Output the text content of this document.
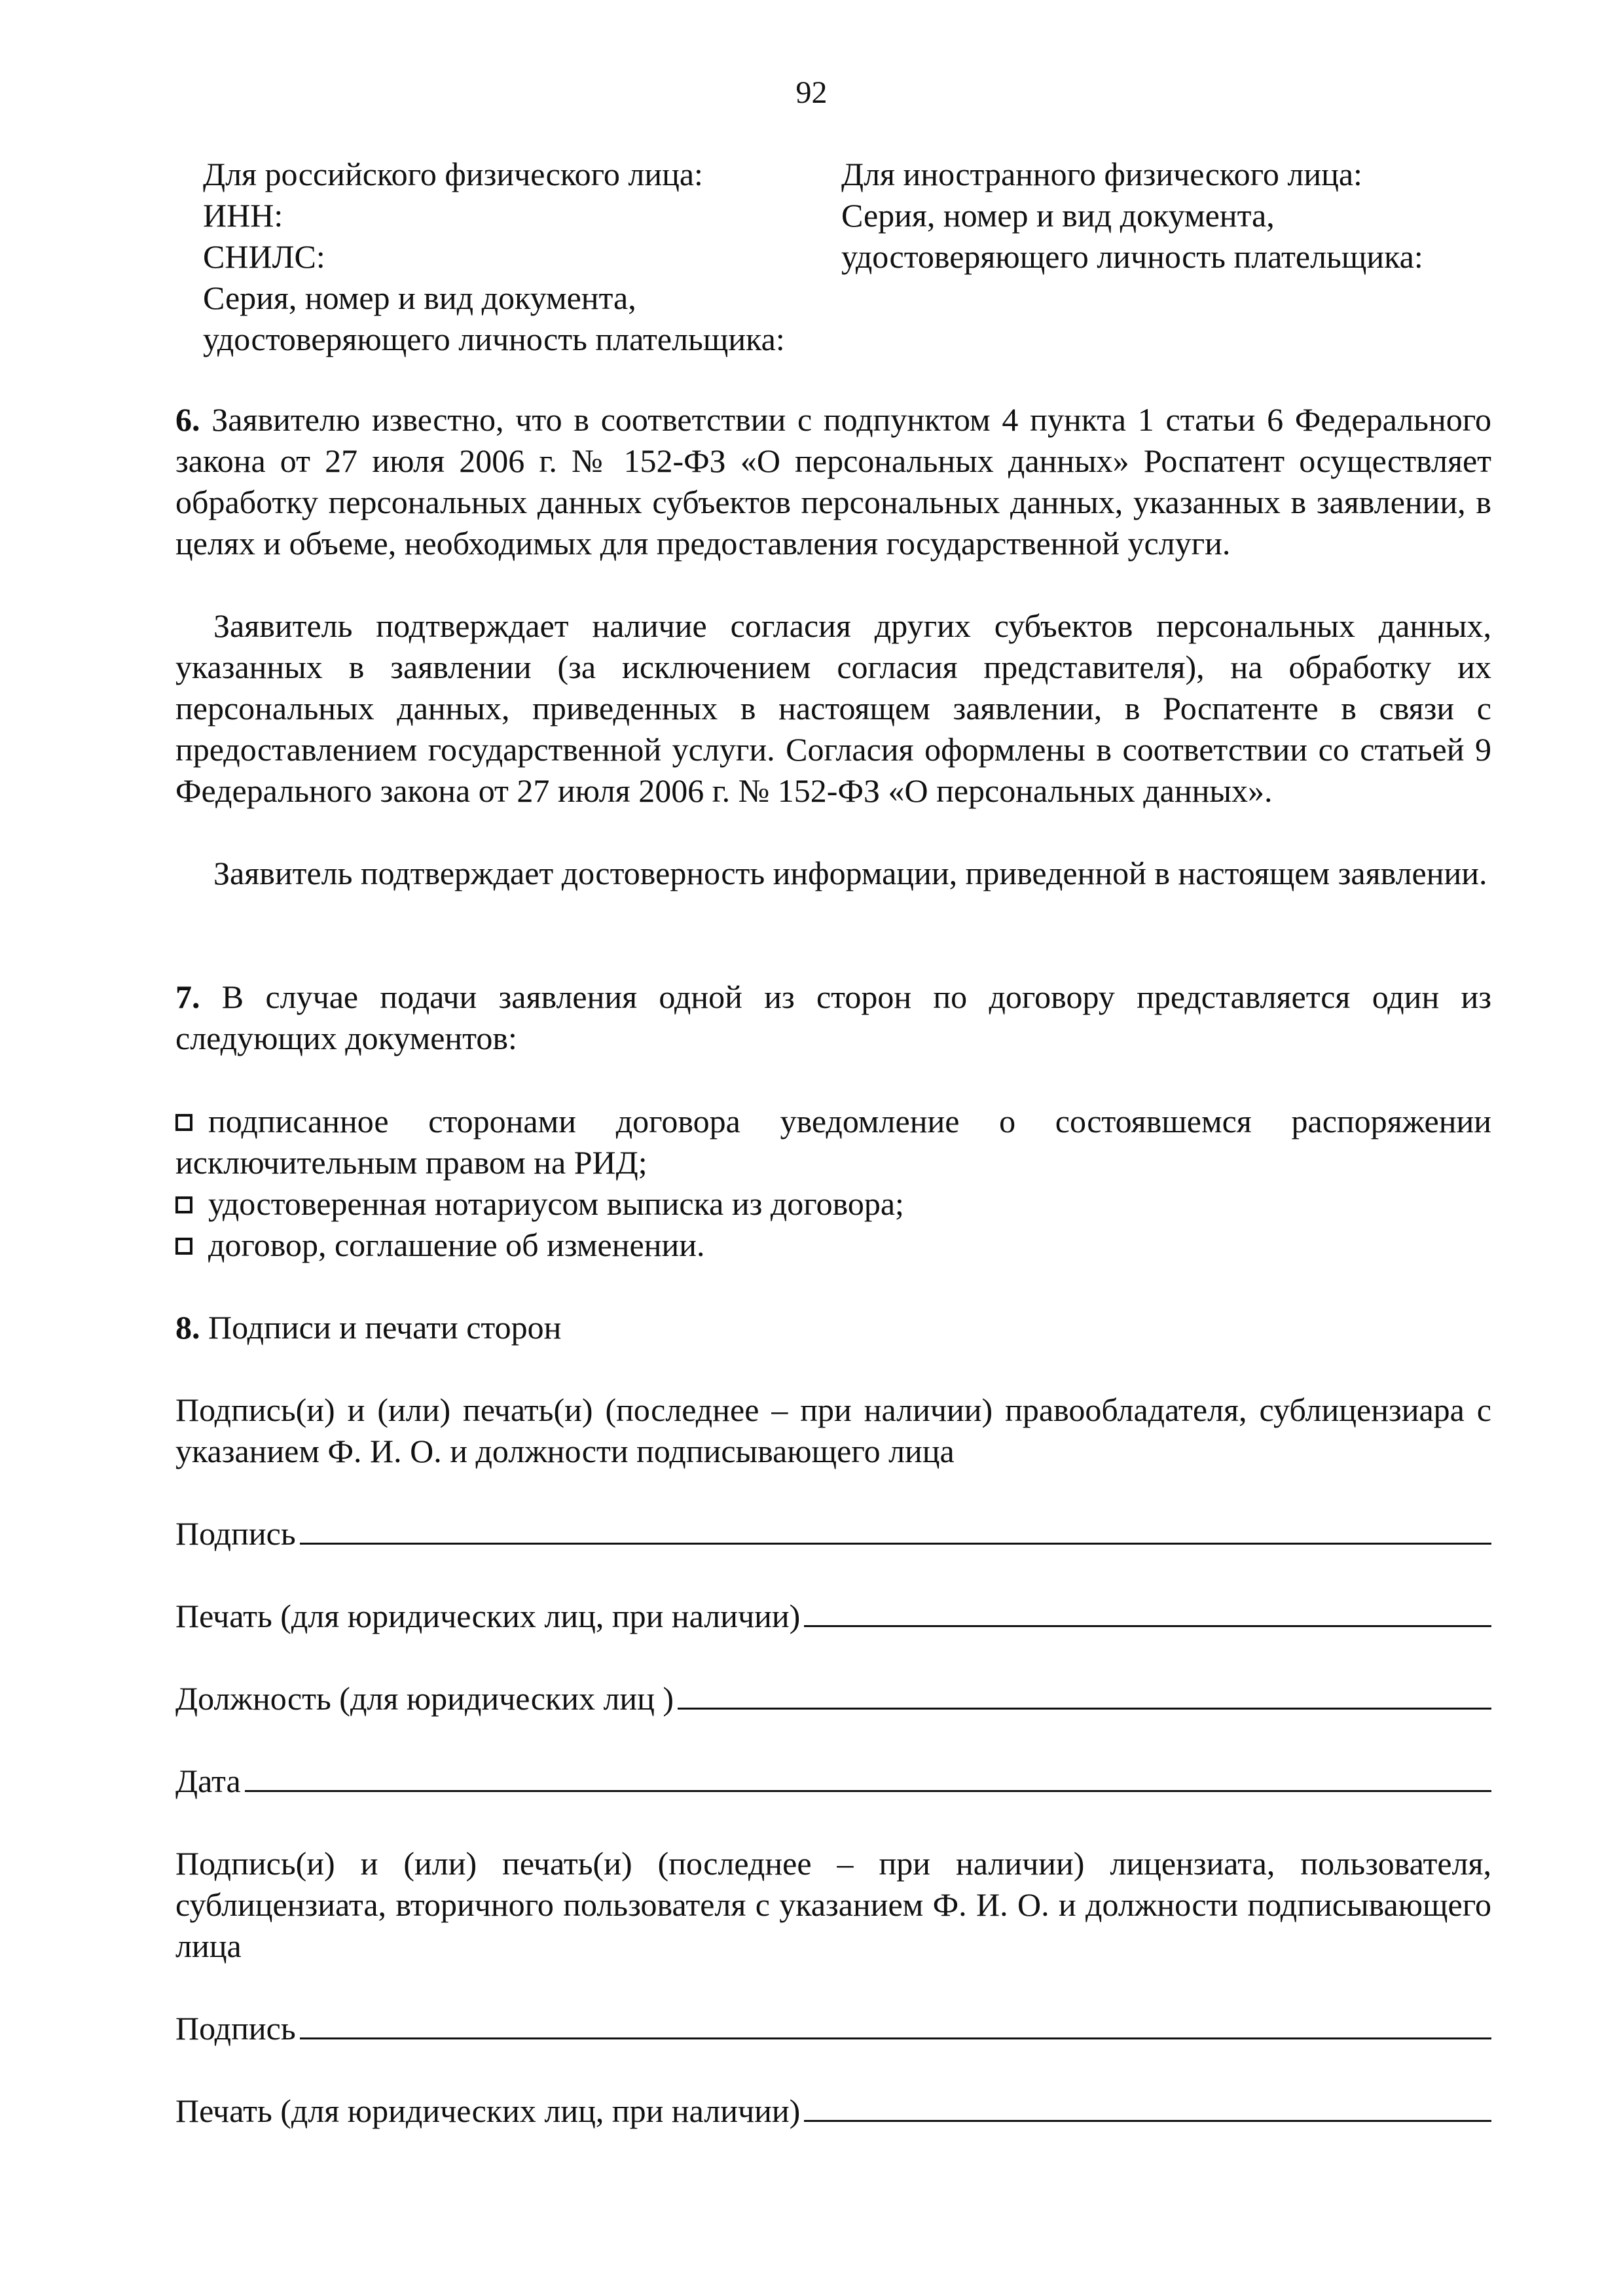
92
Для российского физического лица:
ИНН:
СНИЛС:
Серия, номер и вид документа,
удостоверяющего личность плательщика:
Для иностранного физического лица:
Серия, номер и вид документа,
удостоверяющего личность плательщика:
6. Заявителю известно, что в соответствии с подпунктом 4 пункта 1 статьи 6 Федерального закона от 27 июля 2006 г. № 152-ФЗ «О персональных данных» Роспатент осуществляет обработку персональных данных субъектов персональных данных, указанных в заявлении, в целях и объеме, необходимых для предоставления государственной услуги.
Заявитель подтверждает наличие согласия других субъектов персональных данных, указанных в заявлении (за исключением согласия представителя), на обработку их персональных данных, приведенных в настоящем заявлении, в Роспатенте в связи с предоставлением государственной услуги. Согласия оформлены в соответствии со статьей 9 Федерального закона от 27 июля 2006 г. № 152-ФЗ «О персональных данных».
Заявитель подтверждает достоверность информации, приведенной в настоящем заявлении.
7. В случае подачи заявления одной из сторон по договору представляется один из следующих документов:
подписанное сторонами договора уведомление о состоявшемся распоряжении исключительным правом на РИД;
удостоверенная нотариусом выписка из договора;
договор, соглашение об изменении.
8. Подписи и печати сторон
Подпись(и) и (или) печать(и) (последнее – при наличии) правообладателя, сублицензиара с указанием Ф. И. О. и должности подписывающего лица
Подпись
Печать (для юридических лиц, при наличии)
Должность (для юридических лиц )
Дата
Подпись(и) и (или) печать(и) (последнее – при наличии) лицензиата, пользователя, сублицензиата, вторичного пользователя с указанием Ф. И. О. и должности подписывающего лица
Подпись
Печать (для юридических лиц, при наличии)
